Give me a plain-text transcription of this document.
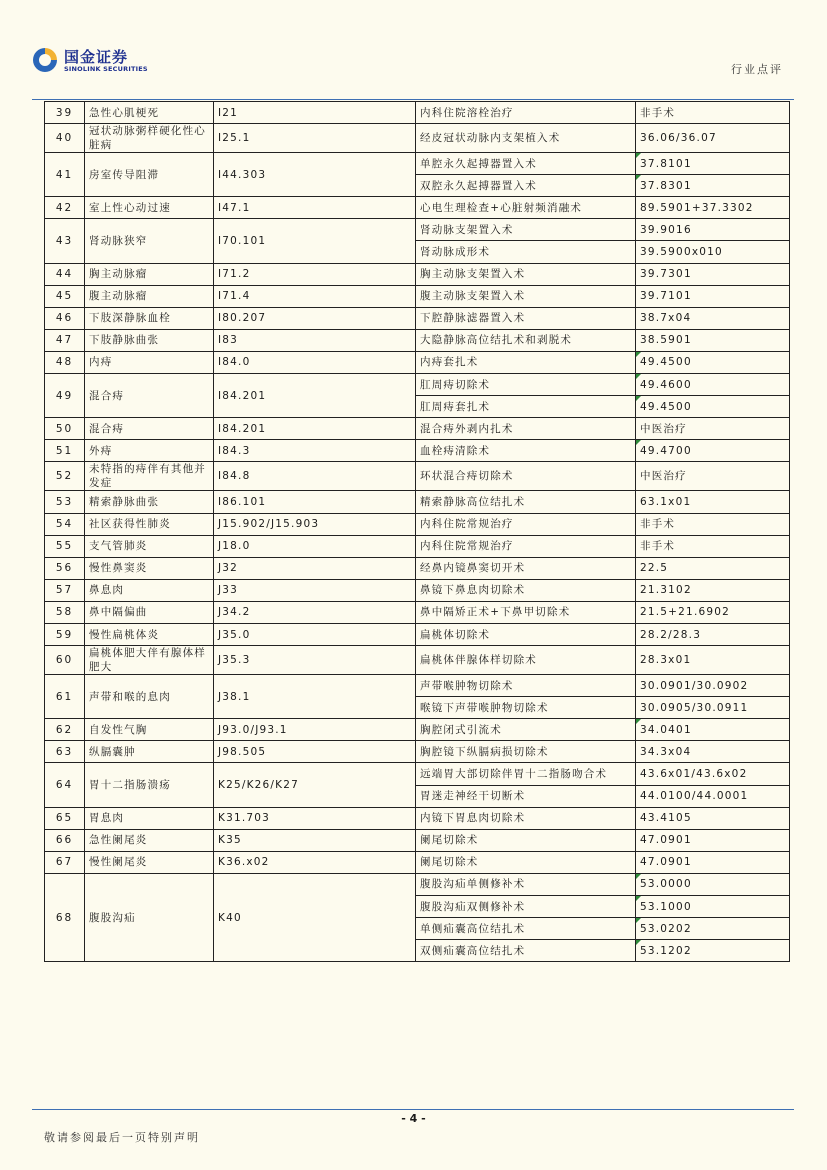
国金证券
SINOLINK SECURITIES	行业点评
39	急性心肌梗死	I21	内科住院溶栓治疗	非手术
40	冠状动脉粥样硬化性心脏病	I25.1	经皮冠状动脉内支架植入术	36.06/36.07
41	房室传导阻滞	I44.303	单腔永久起搏器置入术	37.8101
			双腔永久起搏器置入术	37.8301
42	室上性心动过速	I47.1	心电生理检查+心脏射频消融术	89.5901+37.3302
43	肾动脉狭窄	I70.101	肾动脉支架置入术	39.9016
			肾动脉成形术	39.5900x010
44	胸主动脉瘤	I71.2	胸主动脉支架置入术	39.7301
45	腹主动脉瘤	I71.4	腹主动脉支架置入术	39.7101
46	下肢深静脉血栓	I80.207	下腔静脉滤器置入术	38.7x04
47	下肢静脉曲张	I83	大隐静脉高位结扎术和剥脱术	38.5901
48	内痔	I84.0	内痔套扎术	49.4500
49	混合痔	I84.201	肛周痔切除术	49.4600
			肛周痔套扎术	49.4500
50	混合痔	I84.201	混合痔外剥内扎术	中医治疗
51	外痔	I84.3	血栓痔清除术	49.4700
52	未特指的痔伴有其他并发症	I84.8	环状混合痔切除术	中医治疗
53	精索静脉曲张	I86.101	精索静脉高位结扎术	63.1x01
54	社区获得性肺炎	J15.902/J15.903	内科住院常规治疗	非手术
55	支气管肺炎	J18.0	内科住院常规治疗	非手术
56	慢性鼻窦炎	J32	经鼻内镜鼻窦切开术	22.5
57	鼻息肉	J33	鼻镜下鼻息肉切除术	21.3102
58	鼻中隔偏曲	J34.2	鼻中隔矫正术+下鼻甲切除术	21.5+21.6902
59	慢性扁桃体炎	J35.0	扁桃体切除术	28.2/28.3
60	扁桃体肥大伴有腺体样肥大	J35.3	扁桃体伴腺体样切除术	28.3x01
61	声带和喉的息肉	J38.1	声带喉肿物切除术	30.0901/30.0902
			喉镜下声带喉肿物切除术	30.0905/30.0911
62	自发性气胸	J93.0/J93.1	胸腔闭式引流术	34.0401
63	纵膈囊肿	J98.505	胸腔镜下纵膈病损切除术	34.3x04
64	胃十二指肠溃疡	K25/K26/K27	远端胃大部切除伴胃十二指肠吻合术	43.6x01/43.6x02
			胃迷走神经干切断术	44.0100/44.0001
65	胃息肉	K31.703	内镜下胃息肉切除术	43.4105
66	急性阑尾炎	K35	阑尾切除术	47.0901
67	慢性阑尾炎	K36.x02	阑尾切除术	47.0901
68	腹股沟疝	K40	腹股沟疝单侧修补术	53.0000
			腹股沟疝双侧修补术	53.1000
			单侧疝囊高位结扎术	53.0202
			双侧疝囊高位结扎术	53.1202
- 4 -
敬请参阅最后一页特别声明
